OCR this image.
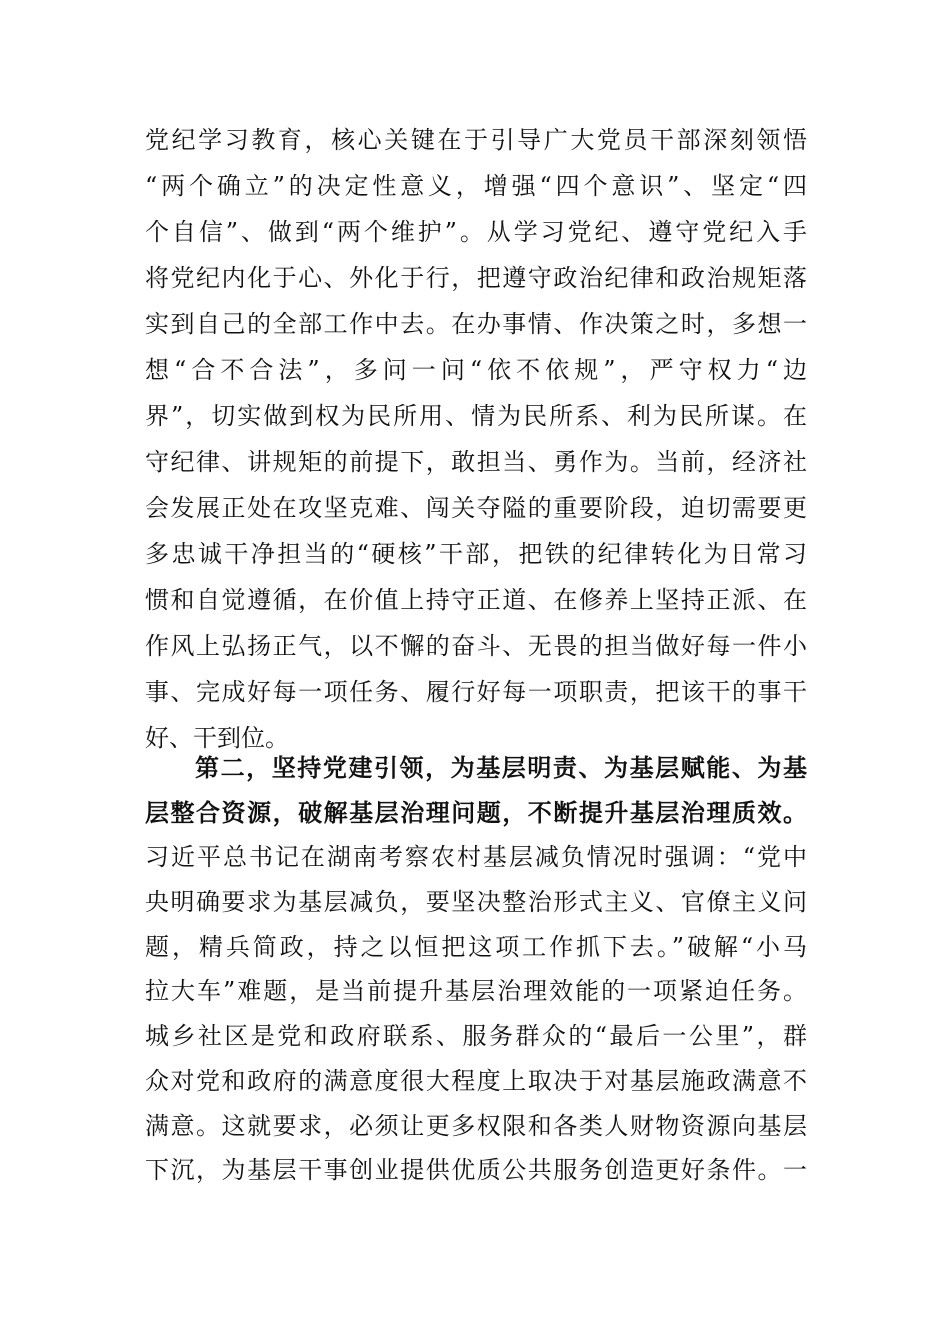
党纪学习教育，核心关键在于引导广大党员干部深刻领悟
“两个确立”的决定性意义，增强“四个意识”、坚定“四
个自信”、做到“两个维护”。从学习党纪、遵守党纪入手
将党纪内化于心、外化于行，把遵守政治纪律和政治规矩落
实到自己的全部工作中去。在办事情、作决策之时，多想一
想“合不合法”，多问一问“依不依规”，严守权力“边
界”，切实做到权为民所用、情为民所系、利为民所谋。在
守纪律、讲规矩的前提下，敢担当、勇作为。当前，经济社
会发展正处在攻坚克难、闯关夺隘的重要阶段，迫切需要更
多忠诚干净担当的“硬核”干部，把铁的纪律转化为日常习
惯和自觉遵循，在价值上持守正道、在修养上坚持正派、在
作风上弘扬正气，以不懈的奋斗、无畏的担当做好每一件小
事、完成好每一项任务、履行好每一项职责，把该干的事干
好、干到位。
第二，坚持党建引领，为基层明责、为基层赋能、为基
层整合资源，破解基层治理问题，不断提升基层治理质效。
习近平总书记在湖南考察农村基层减负情况时强调：“党中
央明确要求为基层减负，要坚决整治形式主义、官僚主义问
题，精兵简政，持之以恒把这项工作抓下去。”破解“小马
拉大车”难题，是当前提升基层治理效能的一项紧迫任务。
城乡社区是党和政府联系、服务群众的“最后一公里”，群
众对党和政府的满意度很大程度上取决于对基层施政满意不
满意。这就要求，必须让更多权限和各类人财物资源向基层
下沉，为基层干事创业提供优质公共服务创造更好条件。一
